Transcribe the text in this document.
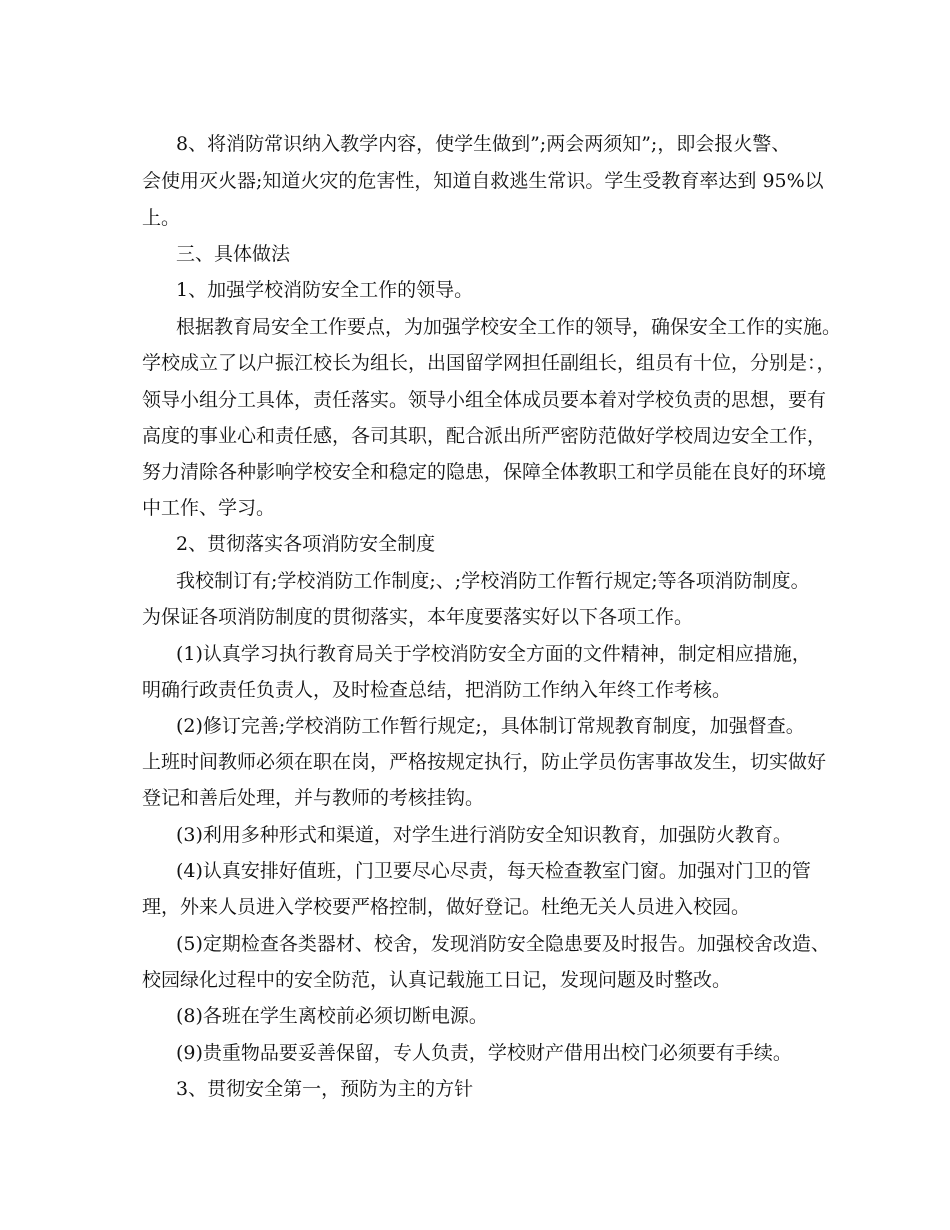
8、将消防常识纳入教学内容，使学生做到”;两会两须知”;，即会报火警、
会使用灭火器;知道火灾的危害性，知道自救逃生常识。学生受教育率达到 95%以
上。
三、具体做法
1、加强学校消防安全工作的领导。
根据教育局安全工作要点，为加强学校安全工作的领导，确保安全工作的实施。
学校成立了以户振江校长为组长，出国留学网担任副组长，组员有十位，分别是：，
领导小组分工具体，责任落实。领导小组全体成员要本着对学校负责的思想，要有
高度的事业心和责任感，各司其职，配合派出所严密防范做好学校周边安全工作，
努力清除各种影响学校安全和稳定的隐患，保障全体教职工和学员能在良好的环境
中工作、学习。
2、贯彻落实各项消防安全制度
我校制订有;学校消防工作制度;、;学校消防工作暂行规定;等各项消防制度。
为保证各项消防制度的贯彻落实，本年度要落实好以下各项工作。
(1)认真学习执行教育局关于学校消防安全方面的文件精神，制定相应措施，
明确行政责任负责人，及时检查总结，把消防工作纳入年终工作考核。
(2)修订完善;学校消防工作暂行规定;，具体制订常规教育制度，加强督查。
上班时间教师必须在职在岗，严格按规定执行，防止学员伤害事故发生，切实做好
登记和善后处理，并与教师的考核挂钩。
(3)利用多种形式和渠道，对学生进行消防安全知识教育，加强防火教育。
(4)认真安排好值班，门卫要尽心尽责，每天检查教室门窗。加强对门卫的管
理，外来人员进入学校要严格控制，做好登记。杜绝无关人员进入校园。
(5)定期检查各类器材、校舍，发现消防安全隐患要及时报告。加强校舍改造、
校园绿化过程中的安全防范，认真记载施工日记，发现问题及时整改。
(8)各班在学生离校前必须切断电源。
(9)贵重物品要妥善保留，专人负责，学校财产借用出校门必须要有手续。
3、贯彻安全第一，预防为主的方针
